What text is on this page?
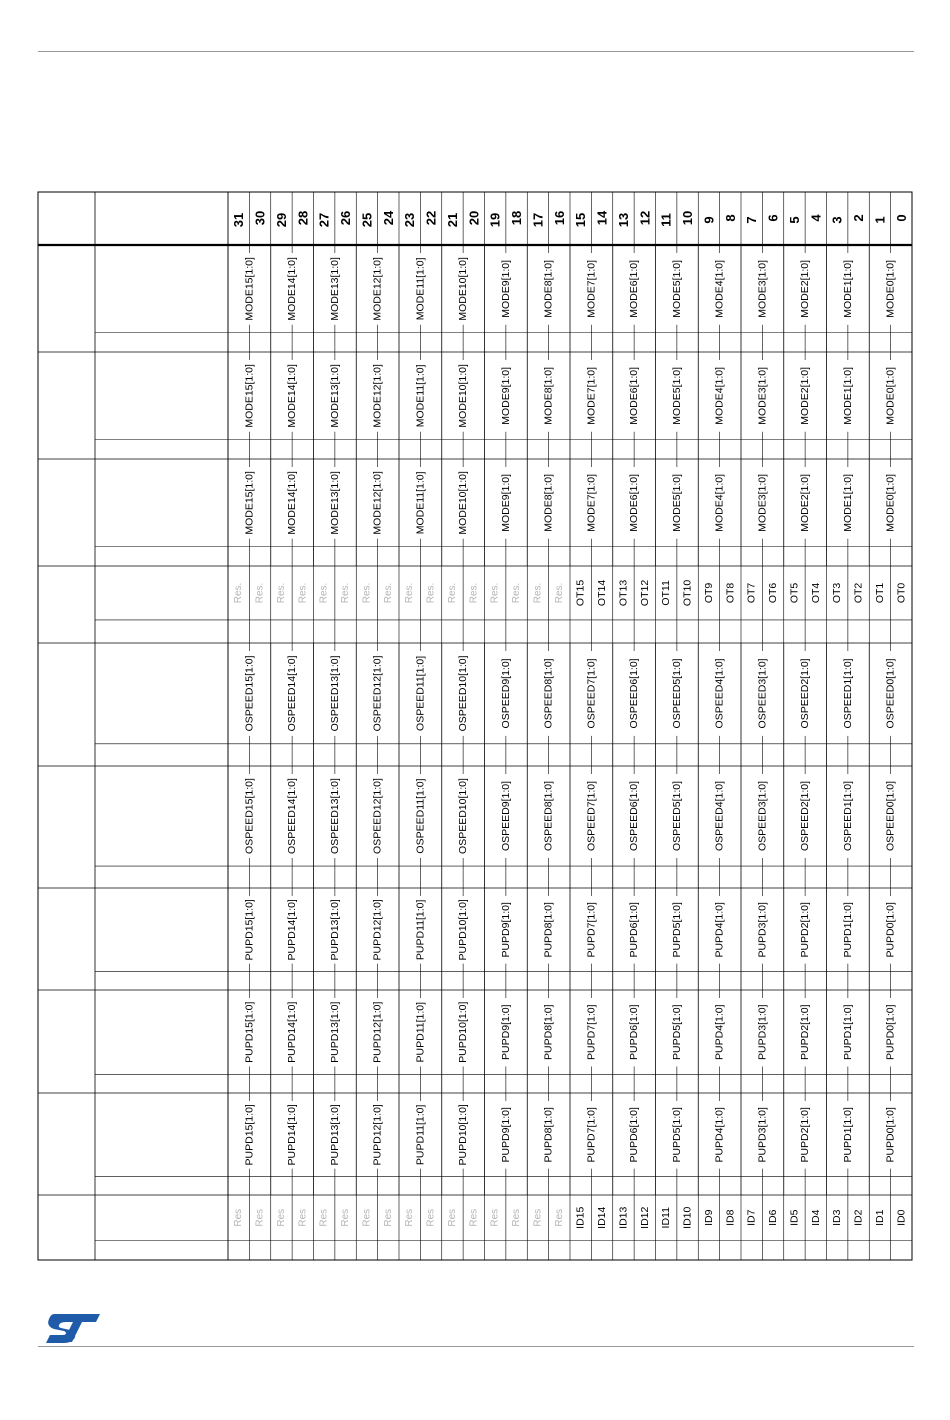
31 30 29 28 27 26 25 24 23 22 21 20 19 18 17 16 15 14 13 12 11 10 9 8 7 6 5 4 3 2 1 0
MODE15[1:0]	MODE14[1:0]	MODE13[1:0]	MODE12[1:0]	MODE11[1:0]	MODE10[1:0]	MODE9[1:0]	MODE8[1:0]	MODE7[1:0]	MODE6[1:0]	MODE5[1:0]	MODE4[1:0]	MODE3[1:0]	MODE2[1:0]	MODE1[1:0]	MODE0[1:0]
MODE15[1:0]	MODE14[1:0]	MODE13[1:0]	MODE12[1:0]	MODE11[1:0]	MODE10[1:0]	MODE9[1:0]	MODE8[1:0]	MODE7[1:0]	MODE6[1:0]	MODE5[1:0]	MODE4[1:0]	MODE3[1:0]	MODE2[1:0]	MODE1[1:0]	MODE0[1:0]
MODE15[1:0]	MODE14[1:0]	MODE13[1:0]	MODE12[1:0]	MODE11[1:0]	MODE10[1:0]	MODE9[1:0]	MODE8[1:0]	MODE7[1:0]	MODE6[1:0]	MODE5[1:0]	MODE4[1:0]	MODE3[1:0]	MODE2[1:0]	MODE1[1:0]	MODE0[1:0]
Res. Res. Res. Res. Res. Res. Res. Res. Res. Res. Res. Res. Res. Res. Res. Res. OT15 OT14 OT13 OT12 OT11 OT10 OT9 OT8 OT7 OT6 OT5 OT4 OT3 OT2 OT1 OT0
OSPEED15[1:0]	OSPEED14[1:0]	OSPEED13[1:0]	OSPEED12[1:0]	OSPEED11[1:0]	OSPEED10[1:0]	OSPEED9[1:0]	OSPEED8[1:0]	OSPEED7[1:0]	OSPEED6[1:0]	OSPEED5[1:0]	OSPEED4[1:0]	OSPEED3[1:0]	OSPEED2[1:0]	OSPEED1[1:0]	OSPEED0[1:0]
OSPEED15[1:0]	OSPEED14[1:0]	OSPEED13[1:0]	OSPEED12[1:0]	OSPEED11[1:0]	OSPEED10[1:0]	OSPEED9[1:0]	OSPEED8[1:0]	OSPEED7[1:0]	OSPEED6[1:0]	OSPEED5[1:0]	OSPEED4[1:0]	OSPEED3[1:0]	OSPEED2[1:0]	OSPEED1[1:0]	OSPEED0[1:0]
PUPD15[1:0]	PUPD14[1:0]	PUPD13[1:0]	PUPD12[1:0]	PUPD11[1:0]	PUPD10[1:0]	PUPD9[1:0]	PUPD8[1:0]	PUPD7[1:0]	PUPD6[1:0]	PUPD5[1:0]	PUPD4[1:0]	PUPD3[1:0]	PUPD2[1:0]	PUPD1[1:0]	PUPD0[1:0]
PUPD15[1:0]	PUPD14[1:0]	PUPD13[1:0]	PUPD12[1:0]	PUPD11[1:0]	PUPD10[1:0]	PUPD9[1:0]	PUPD8[1:0]	PUPD7[1:0]	PUPD6[1:0]	PUPD5[1:0]	PUPD4[1:0]	PUPD3[1:0]	PUPD2[1:0]	PUPD1[1:0]	PUPD0[1:0]
PUPD15[1:0]	PUPD14[1:0]	PUPD13[1:0]	PUPD12[1:0]	PUPD11[1:0]	PUPD10[1:0]	PUPD9[1:0]	PUPD8[1:0]	PUPD7[1:0]	PUPD6[1:0]	PUPD5[1:0]	PUPD4[1:0]	PUPD3[1:0]	PUPD2[1:0]	PUPD1[1:0]	PUPD0[1:0]
Res Res Res Res Res Res Res Res Res Res Res Res Res Res Res Res ID15 ID14 ID13 ID12 ID11 ID10 ID9 ID8 ID7 ID6 ID5 ID4 ID3 ID2 ID1 ID0
